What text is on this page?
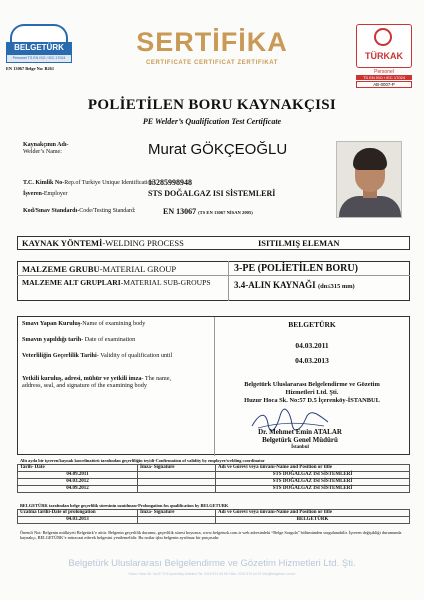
BELGETÜRK
Personel TS EN ISO / IEC 17024
EN 13067 Belge No: B261
SERTİFİKA
CERTIFICATE CERTIFICAT ZERTIFIKAT
TÜRKAK
Personel
TS EN ISO / IEC 17024
AB-0007-P
POLİETİLEN BORU KAYNAKÇISI
PE Welder’s Qualification Test Certificate
Kaynakçının Adı-
Welder’s Name:	Murat GÖKÇEOĞLU
T.C. Kimlik No-Rep.of Turkiye Unique Identification
13285998948
İşveren-Employer	STS DOĞALGAZ ISI SİSTEMLERİ
Kod/Sınav Standardı-Code/Testing Standard:	EN 13067 (TS EN 13067 NİSAN 2005)
KAYNAK YÖNTEMİ-WELDING PROCESS	ISITILMIŞ ELEMAN
MALZEME GRUBU-MATERIAL GROUP	3-PE (POLİETİLEN BORU)
MALZEME ALT GRUPLARI-MATERIAL SUB-GROUPS	3.4-ALIN KAYNAĞI (dn≤315 mm)
Sınavı Yapan Kuruluş-Name of examining body	BELGETÜRK
Sınavın yapıldığı tarih- Date of examination
04.03.2011
Veterliliğin Geçerlilik Tarihi- Validity of qualification until
04.03.2013
Yetkili kuruluş, adresi, mühür ve yetkili imza- The name, address, seal, and signature of the examining body	Belgetürk Uluslararası Belgelendirme ve Gözetim
Hizmetleri Ltd. Şti.
Huzur Hoca Sk. No:57 D.5 İçerenköy-İSTANBUL
Dr. Mehmet Emin ATALAR
Belgetürk Genel Müdürü
İstanbul
Altı ayda bir işveren/kaynak koordinatörü tarafından geçerliliğin teyidi-Confirmation of validity by employer/welding coordinator
Tarih- Date	İmza- Signature	Adı ve Görevi veya ünvanı-Name and Position or title
04.09.2011		STS DOĞALGAZ ISI SİSTEMLERİ
04.03.2012		STS DOĞALGAZ ISI SİSTEMLERİ
04.09.2012		STS DOĞALGAZ ISI SİSTEMLERİ
BELGETÜRK tarafından belge geçerlilik süresinin uzatılması-Prolongation fos qualification by BELGETURK
Uzatma tarihi-Date of prolongation	İmza- Signature	Adı ve Görevi veya ünvanı-Name and Position or title
04.03.2013		BELGETÜRK
Önemli Not: Belgenin mülkiyeti Belgetürk’e aittir. Belgenin geçerlilik durumu, geçerlilik süresi boyunca, www.belgeturk.com.tr web adresindeki “Belge Sorgula” bölümünden sorgulanabilir. İşveren değişikliği durumunda kaynakçı, BELGETÜRK’e müracaat ederek belgesini yenilemelidir. Bu notlar işbu belgenin ayrılmaz bir parçasıdır.
Belgetürk Uluslararası Belgelendirme ve Gözetim Hizmetleri Ltd. Şti.
Huzur Hoca Sk. No:57 D.5 İçerenköy-İstanbul Tel: 0216 574 66 96 Faks: 0216 574 44 37 info@belgeturk.com.tr
